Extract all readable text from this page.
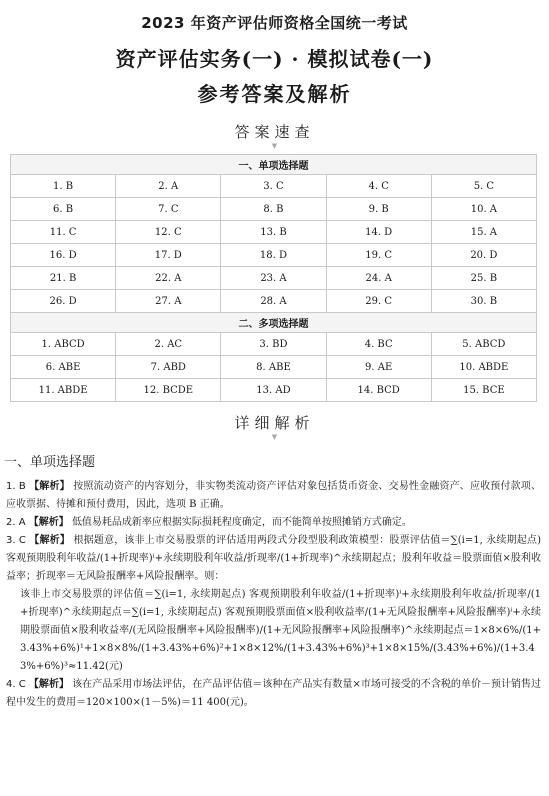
2023 年资产评估师资格全国统一考试
资产评估实务(一) · 模拟试卷(一)
参考答案及解析
答案速查
▼
一、单项选择题				
1. B	2. A	3. C	4. C	5. C
6. B	7. C	8. B	9. B	10. A
11. C	12. C	13. B	14. D	15. A
16. D	17. D	18. D	19. C	20. D
21. B	22. A	23. A	24. A	25. B
26. D	27. A	28. A	29. C	30. B
二、多项选择题				
1. ABCD	2. AC	3. BD	4. BC	5. ABCD
6. ABE	7. ABD	8. ABE	9. AE	10. ABDE
11. ABDE	12. BCDE	13. AD	14. BCD	15. BCE
详细解析
▼
一、单项选择题
1. B 【解析】 按照流动资产的内容划分，非实物类流动资产评估对象包括货币资金、交易性金融资产、应收预付款项、应收票据、待摊和预付费用，因此，选项 B 正确。
2. A 【解析】 低值易耗品成新率应根据实际损耗程度确定，而不能简单按照摊销方式确定。
3. C 【解析】 根据题意，该非上市交易股票的评估适用两段式分段型股利政策模型：股票评估值＝∑(i=1, 永续期起点) 客观预期股利年收益/(1+折现率)ⁱ+永续期股利年收益/折现率/(1+折现率)^永续期起点；股利年收益＝股票面值×股利收益率；折现率＝无风险报酬率+风险报酬率。则：
该非上市交易股票的评估值＝∑(i=1, 永续期起点) 客观预期股利年收益/(1+折现率)ⁱ+永续期股利年收益/折现率/(1+折现率)^永续期起点＝∑(i=1, 永续期起点) 客观预期股票面值×股利收益率/(1+无风险报酬率+风险报酬率)ⁱ+永续期股票面值×股利收益率/(无风险报酬率+风险报酬率)/(1+无风险报酬率+风险报酬率)^永续期起点＝1×8×6%/(1+3.43%+6%)¹+1×8×8%/(1+3.43%+6%)²+1×8×12%/(1+3.43%+6%)³+1×8×15%/(3.43%+6%)/(1+3.43%+6%)³≈11.42(元)
4. C 【解析】 该在产品采用市场法评估，在产品评估值＝该种在产品实有数量×市场可接受的不含税的单价－预计销售过程中发生的费用＝120×100×(1－5%)＝11 400(元)。
